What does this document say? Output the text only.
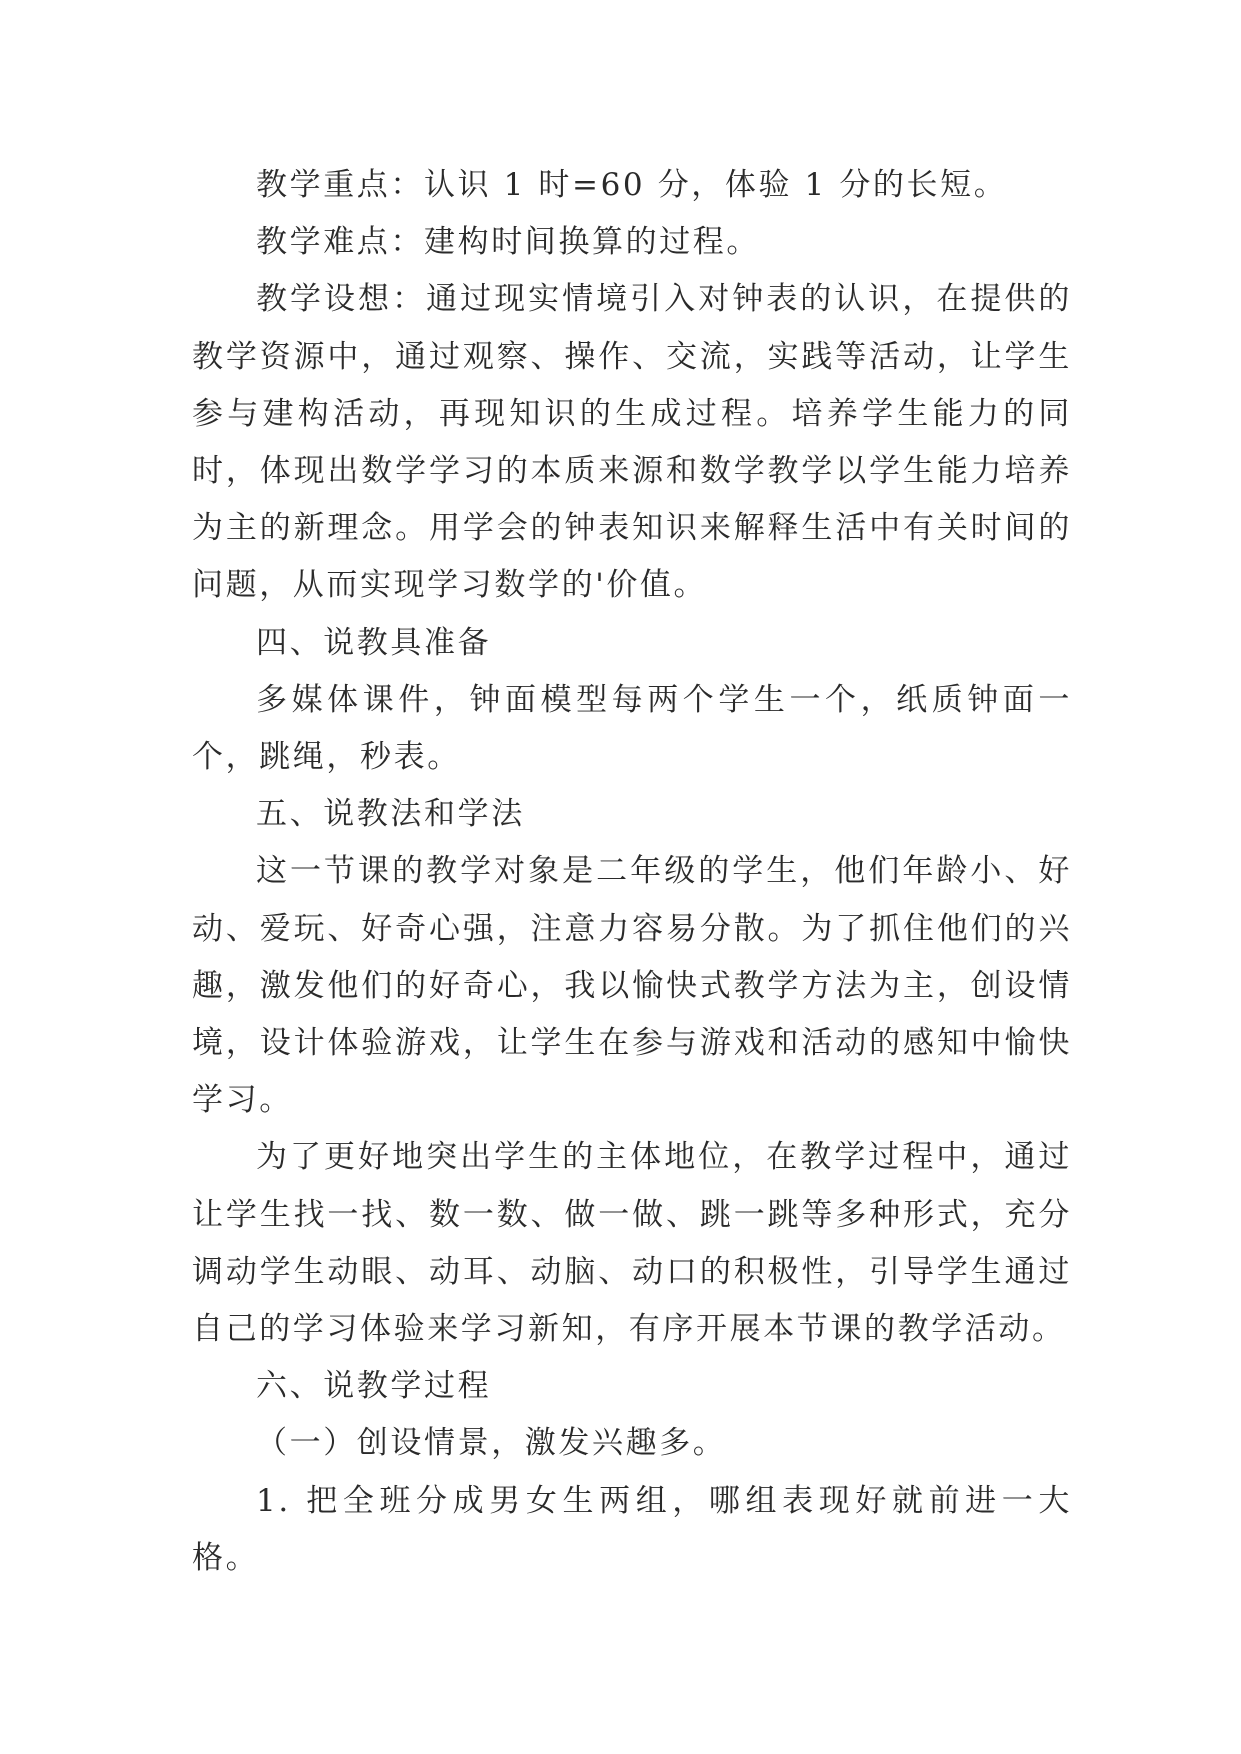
教学重点：认识 1 时=60 分，体验 1 分的长短。

教学难点：建构时间换算的过程。

教学设想：通过现实情境引入对钟表的认识，在提供的教学资源中，通过观察、操作、交流，实践等活动，让学生参与建构活动，再现知识的生成过程。培养学生能力的同时，体现出数学学习的本质来源和数学教学以学生能力培养为主的新理念。用学会的钟表知识来解释生活中有关时间的问题，从而实现学习数学的'价值。

四、说教具准备

多媒体课件，钟面模型每两个学生一个，纸质钟面一个，跳绳，秒表。

五、说教法和学法

这一节课的教学对象是二年级的学生，他们年龄小、好动、爱玩、好奇心强，注意力容易分散。为了抓住他们的兴趣，激发他们的好奇心，我以愉快式教学方法为主，创设情境，设计体验游戏，让学生在参与游戏和活动的感知中愉快学习。

为了更好地突出学生的主体地位，在教学过程中，通过让学生找一找、数一数、做一做、跳一跳等多种形式，充分调动学生动眼、动耳、动脑、动口的积极性，引导学生通过自己的学习体验来学习新知，有序开展本节课的教学活动。

六、说教学过程

（一）创设情景，激发兴趣多。

1. 把全班分成男女生两组，哪组表现好就前进一大格。
